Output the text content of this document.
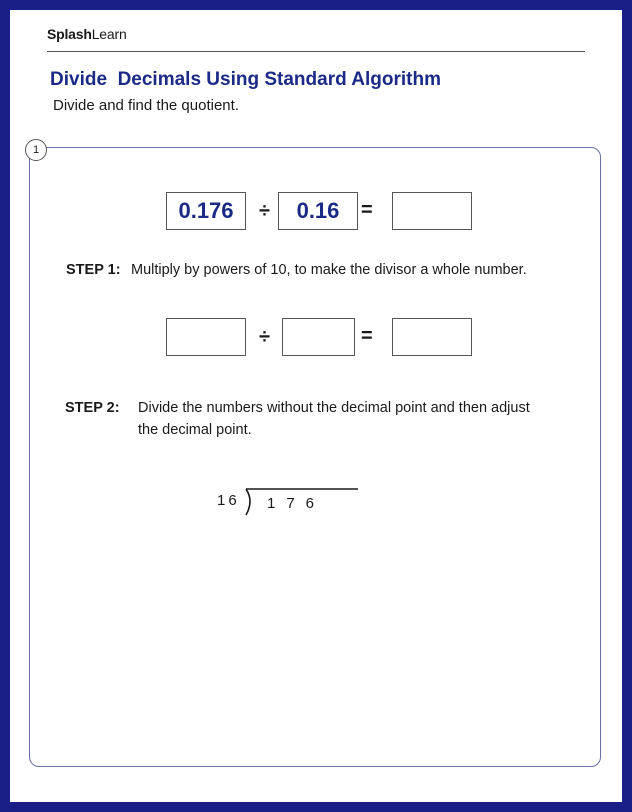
SplashLearn
Divide  Decimals Using Standard Algorithm
Divide and find the quotient.
1
0.176	÷	0.16	=
STEP 1: Multiply by powers of 10, to make the divisor a whole number.
÷	=
STEP 2: Divide the numbers without the decimal point and then adjust
the decimal point.
16 176
